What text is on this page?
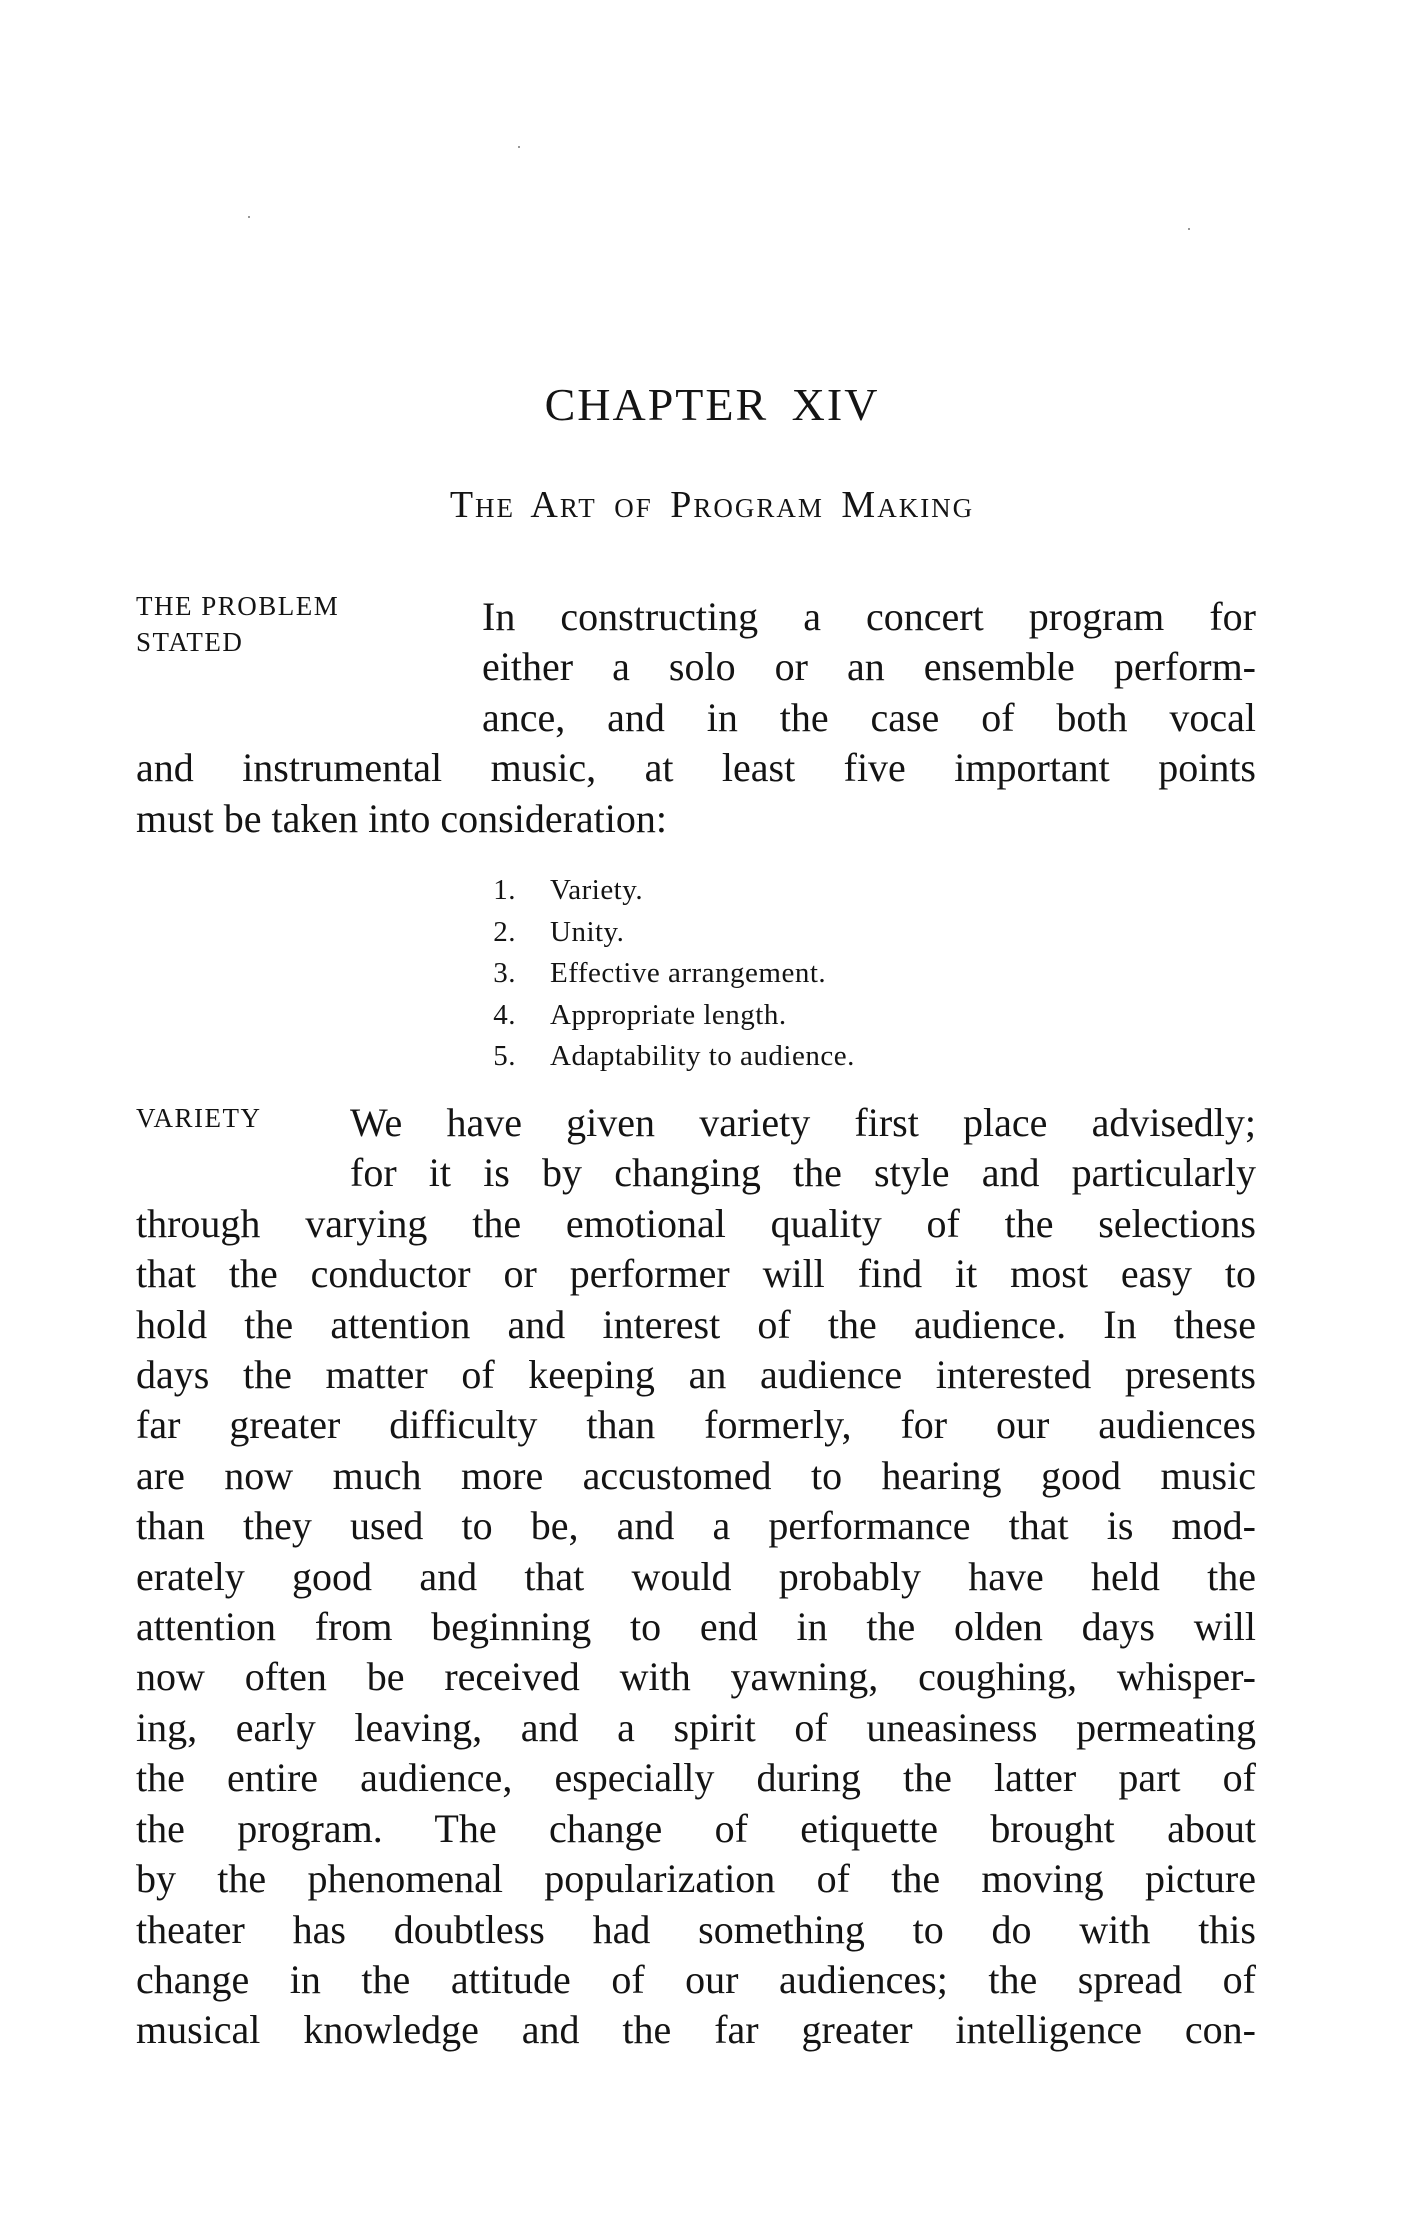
CHAPTER XIV
The Art of Program Making
THE PROBLEM
STATED

In constructing a concert program for

either a solo or an ensemble perform-

ance, and in the case of both vocal

and instrumental music, at least five important points

must be taken into consideration:

1. Variety.
2. Unity.
3. Effective arrangement.
4. Appropriate length.
5. Adaptability to audience.
VARIETY	We have given variety first place advisedly;

for it is by changing the style and particularly

through varying the emotional quality of the selections

that the conductor or performer will find it most easy to

hold the attention and interest of the audience. In these

days the matter of keeping an audience interested presents

far greater difficulty than formerly, for our audiences

are now much more accustomed to hearing good music

than they used to be, and a performance that is mod-

erately good and that would probably have held the

attention from beginning to end in the olden days will

now often be received with yawning, coughing, whisper-

ing, early leaving, and a spirit of uneasiness permeating

the entire audience, especially during the latter part of

the program. The change of etiquette brought about

by the phenomenal popularization of the moving picture

theater has doubtless had something to do with this

change in the attitude of our audiences; the spread of

musical knowledge and the far greater intelligence con-
